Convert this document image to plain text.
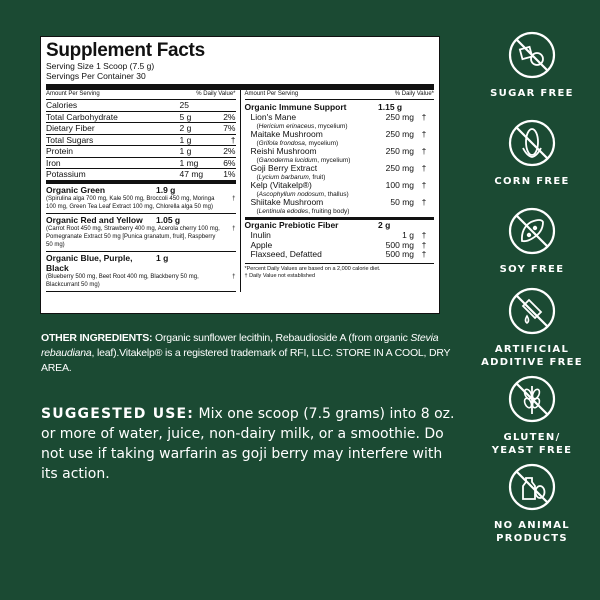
Supplement Facts
Serving Size 1 Scoop (7.5 g)
Servings Per Container 30
Amount Per Serving	% Daily Value*
Calories	25
Total Carbohydrate	5 g	2%
Dietary Fiber	2 g	7%
Total Sugars	1 g	†
Protein	1 g	2%
Iron	1 mg	6%
Potassium	47 mg	1%
Organic Green	1.9 g
(Spirulina alga 700 mg, Kale 500 mg, Broccoli 450 mg, Moringa 100 mg, Green Tea Leaf Extract 100 mg, Chlorella alga 50 mg)
†
Organic Red and Yellow	1.05 g
(Carrot Root 450 mg, Strawberry 400 mg, Acerola cherry 100 mg, Pomegranate Extract 50 mg [Punica granatum, fruit], Raspberry 50 mg)
†
Organic Blue, Purple, Black
1 g
(Blueberry 500 mg, Beet Root 400 mg, Blackberry 50 mg, Blackcurrant 50 mg)
†
Amount Per Serving	% Daily Value*
Organic Immune Support	1.15 g
Lion's Mane	250 mg †
(Hericium erinaceus, mycelium)
Maitake Mushroom	250 mg †
(Grifola frondosa, mycelium)
Reishi Mushroom	250 mg †
(Ganoderma lucidum, mycelium)
Goji Berry Extract	250 mg †
(Lycium barbarum, fruit)
Kelp (Vitakelp®)	100 mg †
(Ascophyllum nodosum, thallus)
Shiitake Mushroom	50 mg †
(Lentinula edodes, fruiting body)
Organic Prebiotic Fiber	2 g
Inulin	1 g †
Apple	500 mg †
Flaxseed, Defatted	500 mg †
*Percent Daily Values are based on a 2,000 calorie diet.
† Daily Value not established
OTHER INGREDIENTS: Organic sunflower lecithin, Rebaudioside A (from organic Stevia rebaudiana, leaf).Vitakelp® is a registered trademark of RFI, LLC. STORE IN A COOL, DRY AREA.
SUGGESTED USE: Mix one scoop (7.5 grams) into 8 oz. or more of water, juice, non-dairy milk, or a smoothie. Do not use if taking warfarin as goji berry may interfere with its action.
SUGAR FREE
CORN FREE
SOY FREE
ARTIFICIAL
ADDITIVE FREE
GLUTEN/
YEAST FREE
NO ANIMAL
PRODUCTS
